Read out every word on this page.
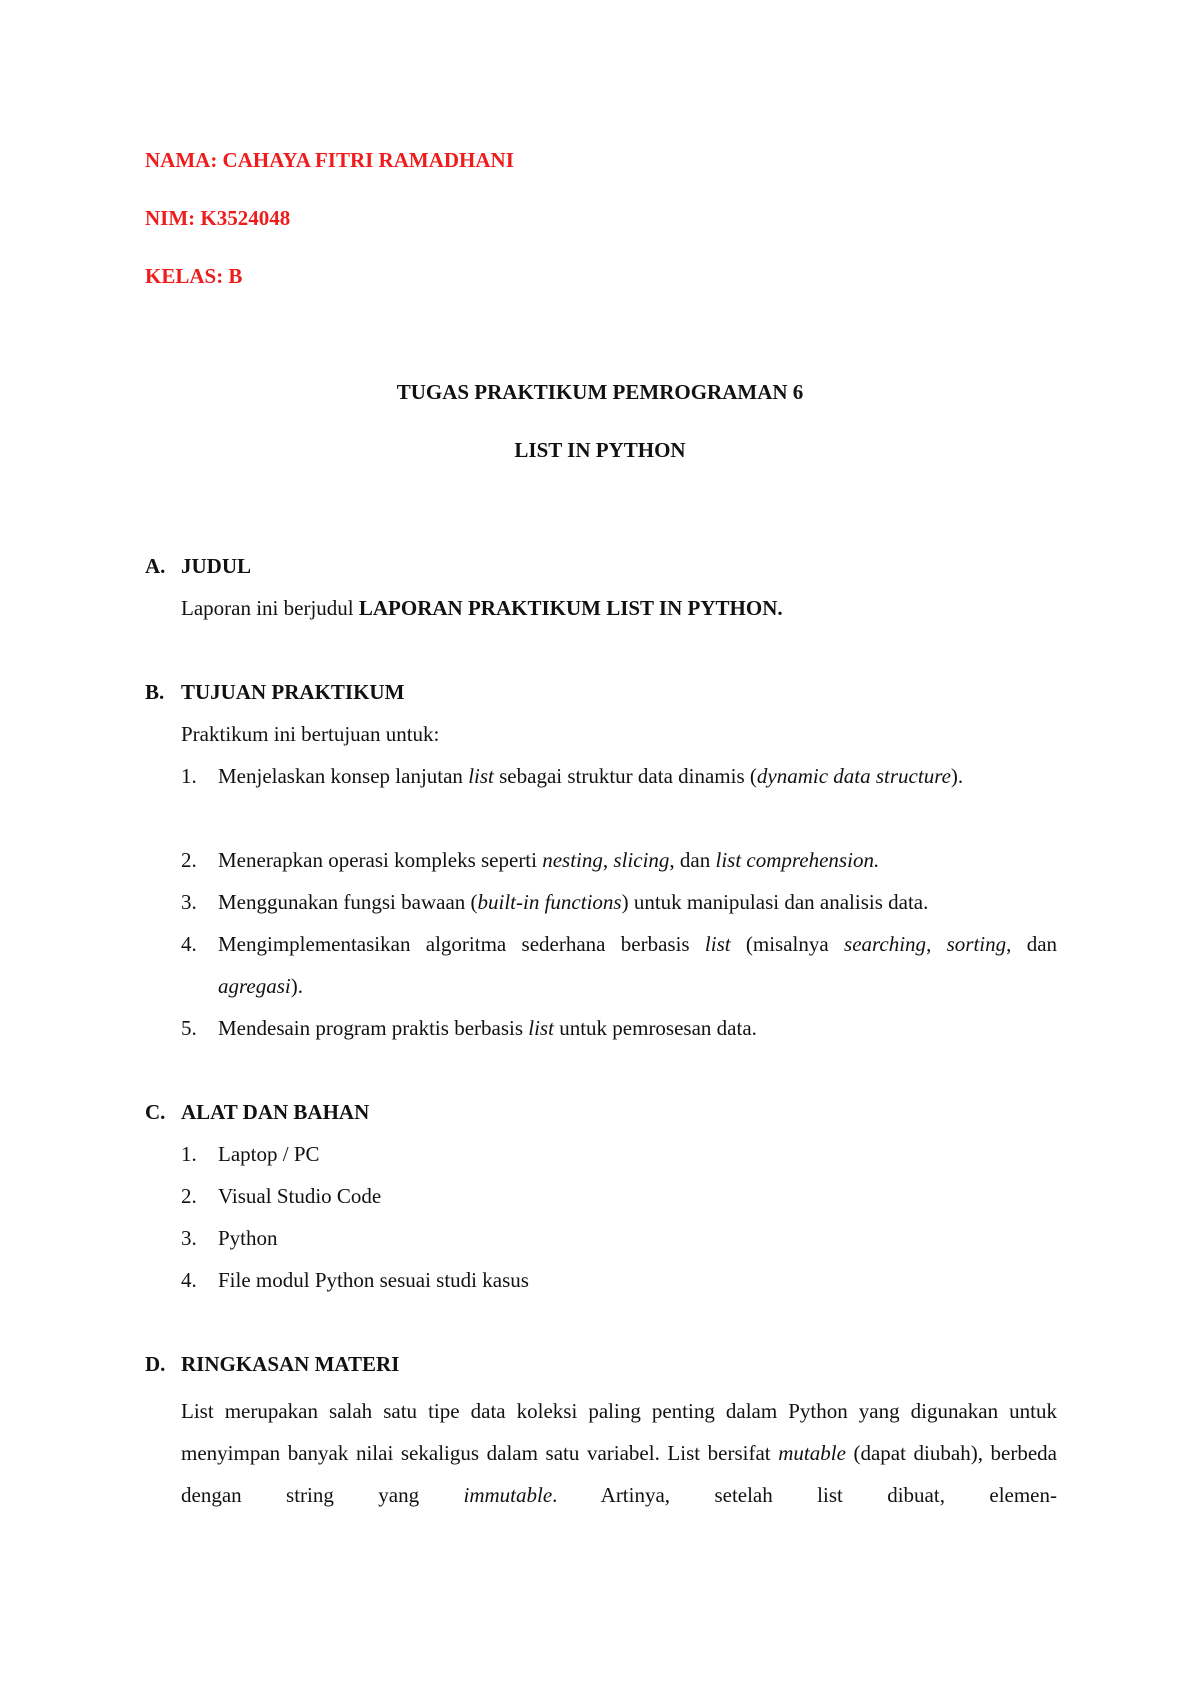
NAMA: CAHAYA FITRI RAMADHANI
NIM: K3524048
KELAS: B
TUGAS PRAKTIKUM PEMROGRAMAN 6
LIST IN PYTHON
A. JUDUL
Laporan ini berjudul LAPORAN PRAKTIKUM LIST IN PYTHON.
B. TUJUAN PRAKTIKUM
Praktikum ini bertujuan untuk:
1. Menjelaskan konsep lanjutan list sebagai struktur data dinamis (dynamic data structure).
2. Menerapkan operasi kompleks seperti nesting, slicing, dan list comprehension.
3. Menggunakan fungsi bawaan (built-in functions) untuk manipulasi dan analisis data.
4. Mengimplementasikan algoritma sederhana berbasis list (misalnya searching, sorting, dan agregasi).
5. Mendesain program praktis berbasis list untuk pemrosesan data.
C. ALAT DAN BAHAN
1. Laptop / PC
2. Visual Studio Code
3. Python
4. File modul Python sesuai studi kasus
D. RINGKASAN MATERI
List merupakan salah satu tipe data koleksi paling penting dalam Python yang digunakan untuk menyimpan banyak nilai sekaligus dalam satu variabel. List bersifat mutable (dapat diubah), berbeda dengan string yang immutable. Artinya, setelah list dibuat, elemen-
